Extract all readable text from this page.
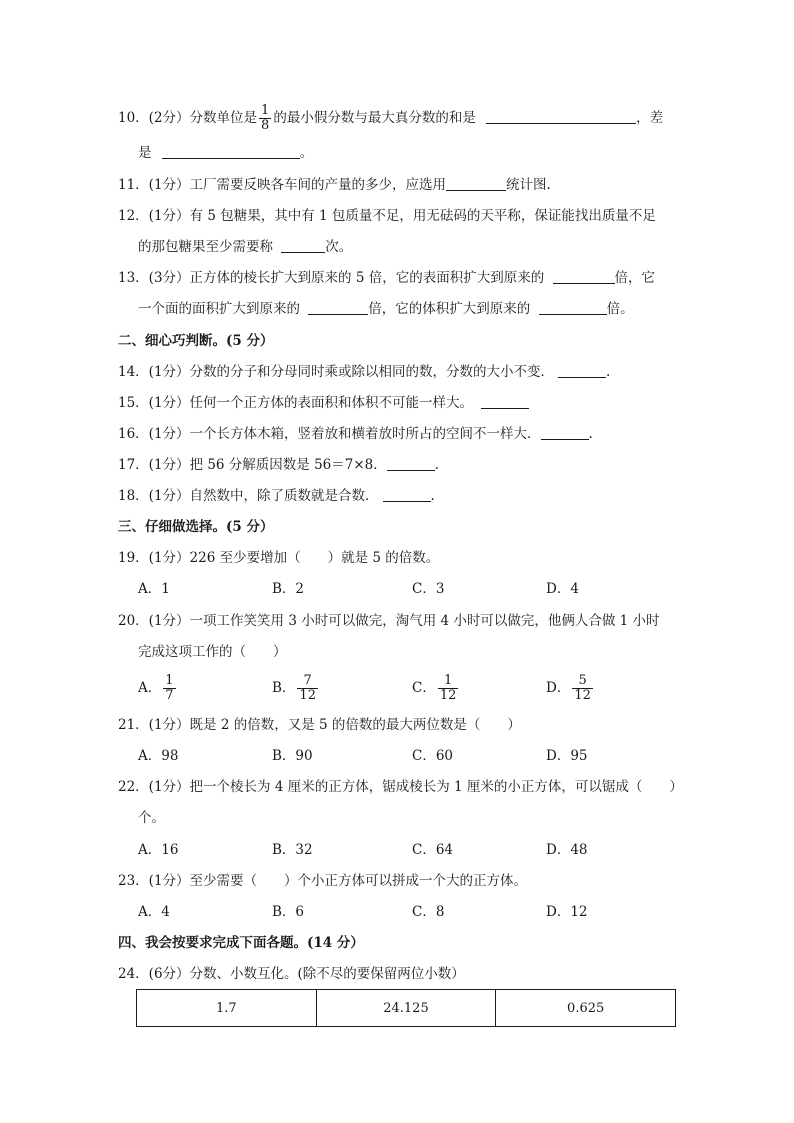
10．(2分）分数单位是 $\frac{1}{8}$ 的最小假分数与最大真分数的和是	，差
是	。
11．(1分）工厂需要反映各车间的产量的多少，应选用	统计图.
12．(1分）有 5 包糖果，其中有 1 包质量不足，用无砝码的天平称，保证能找出质量不足
的那包糖果至少需要称	次。
13．(3分）正方体的棱长扩大到原来的 5 倍，它的表面积扩大到原来的	倍，它
一个面的面积扩大到原来的	倍，它的体积扩大到原来的	倍。
二、细心巧判断。(5 分）
14．(1分）分数的分子和分母同时乘或除以相同的数，分数的大小不变．	.
15．(1分）任何一个正方体的表面积和体积不可能一样大。
16．(1分）一个长方体木箱，竖着放和横着放时所占的空间不一样大．	.
17．(1分）把 56 分解质因数是 56＝7×8．	.
18．(1分）自然数中，除了质数就是合数．	.
三、仔细做选择。(5 分）
19．(1分）226 至少要增加（　　）就是 5 的倍数。
A．1	B．2	C．3	D．4
20．(1分）一项工作笑笑用 3 小时可以做完，淘气用 4 小时可以做完，他俩人合做 1 小时
完成这项工作的（　　）
A． $\frac{1}{7}$	B． $\frac{7}{12}$	C． $\frac{1}{12}$	D． $\frac{5}{12}$
21．(1分）既是 2 的倍数，又是 5 的倍数的最大两位数是（　　）
A．98	B．90	C．60	D．95
22．(1分）把一个棱长为 4 厘米的正方体，锯成棱长为 1 厘米的小正方体，可以锯成（　　）
个。
A．16	B．32	C．64	D．48
23．(1分）至少需要（　　）个小正方体可以拼成一个大的正方体。
A．4	B．6	C．8	D．12
四、我会按要求完成下面各题。(14 分）
24．(6分）分数、小数互化。(除不尽的要保留两位小数）
1.7	24.125	0.625
